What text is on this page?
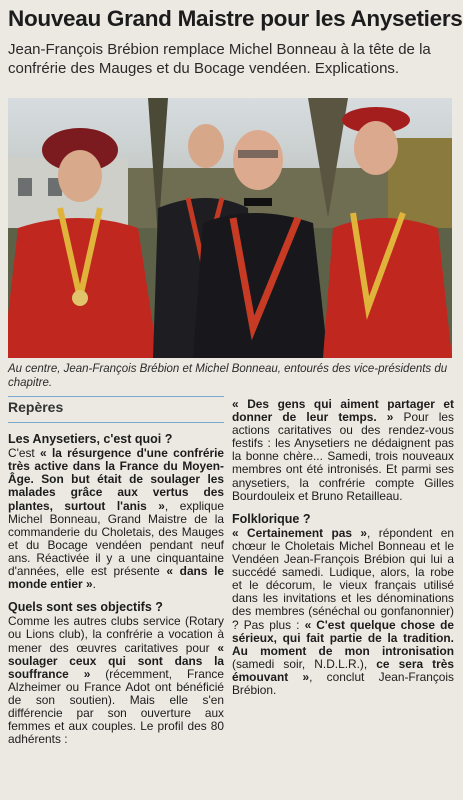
Nouveau Grand Maistre pour les Anysetiers
Jean-François Brébion remplace Michel Bonneau à la tête de la confrérie des Mauges et du Bocage vendéen. Explications.
Au centre, Jean-François Brébion et Michel Bonneau, entourés des vice-présidents du chapitre.
Repères
Les Anysetiers, c'est quoi ?

C'est « la résurgence d'une confrérie très active dans la France du Moyen-Âge. Son but était de soulager les malades grâce aux vertus des plantes, surtout l'anis », explique Michel Bonneau, Grand Maistre de la commanderie du Choletais, des Mauges et du Bocage vendéen pendant neuf ans. Réactivée il y a une cinquantaine d'années, elle est présente « dans le monde entier ».

Quels sont ses objectifs ?

Comme les autres clubs service (Rotary ou Lions club), la confrérie a vocation à mener des œuvres caritatives pour « soulager ceux qui sont dans la souffrance » (récemment, France Alzheimer ou France Adot ont bénéficié de son soutien). Mais elle s'en différencie par son ouverture aux femmes et aux couples. Le profil des 80 adhérents :

« Des gens qui aiment partager et donner de leur temps. » Pour les actions caritatives ou des rendez-vous festifs : les Anysetiers ne dédaignent pas la bonne chère... Samedi, trois nouveaux membres ont été intronisés. Et parmi ses anysetiers, la confrérie compte Gilles Bourdouleix et Bruno Retailleau.

Folklorique ?

« Certainement pas », répondent en chœur le Choletais Michel Bonneau et le Vendéen Jean-François Brébion qui lui a succédé samedi. Ludique, alors, la robe et le décorum, le vieux français utilisé dans les invitations et les dénominations des membres (sénéchal ou gonfanonnier) ? Pas plus : « C'est quelque chose de sérieux, qui fait partie de la tradition. Au moment de mon intronisation (samedi soir, N.D.L.R.), ce sera très émouvant », conclut Jean-François Brébion.
